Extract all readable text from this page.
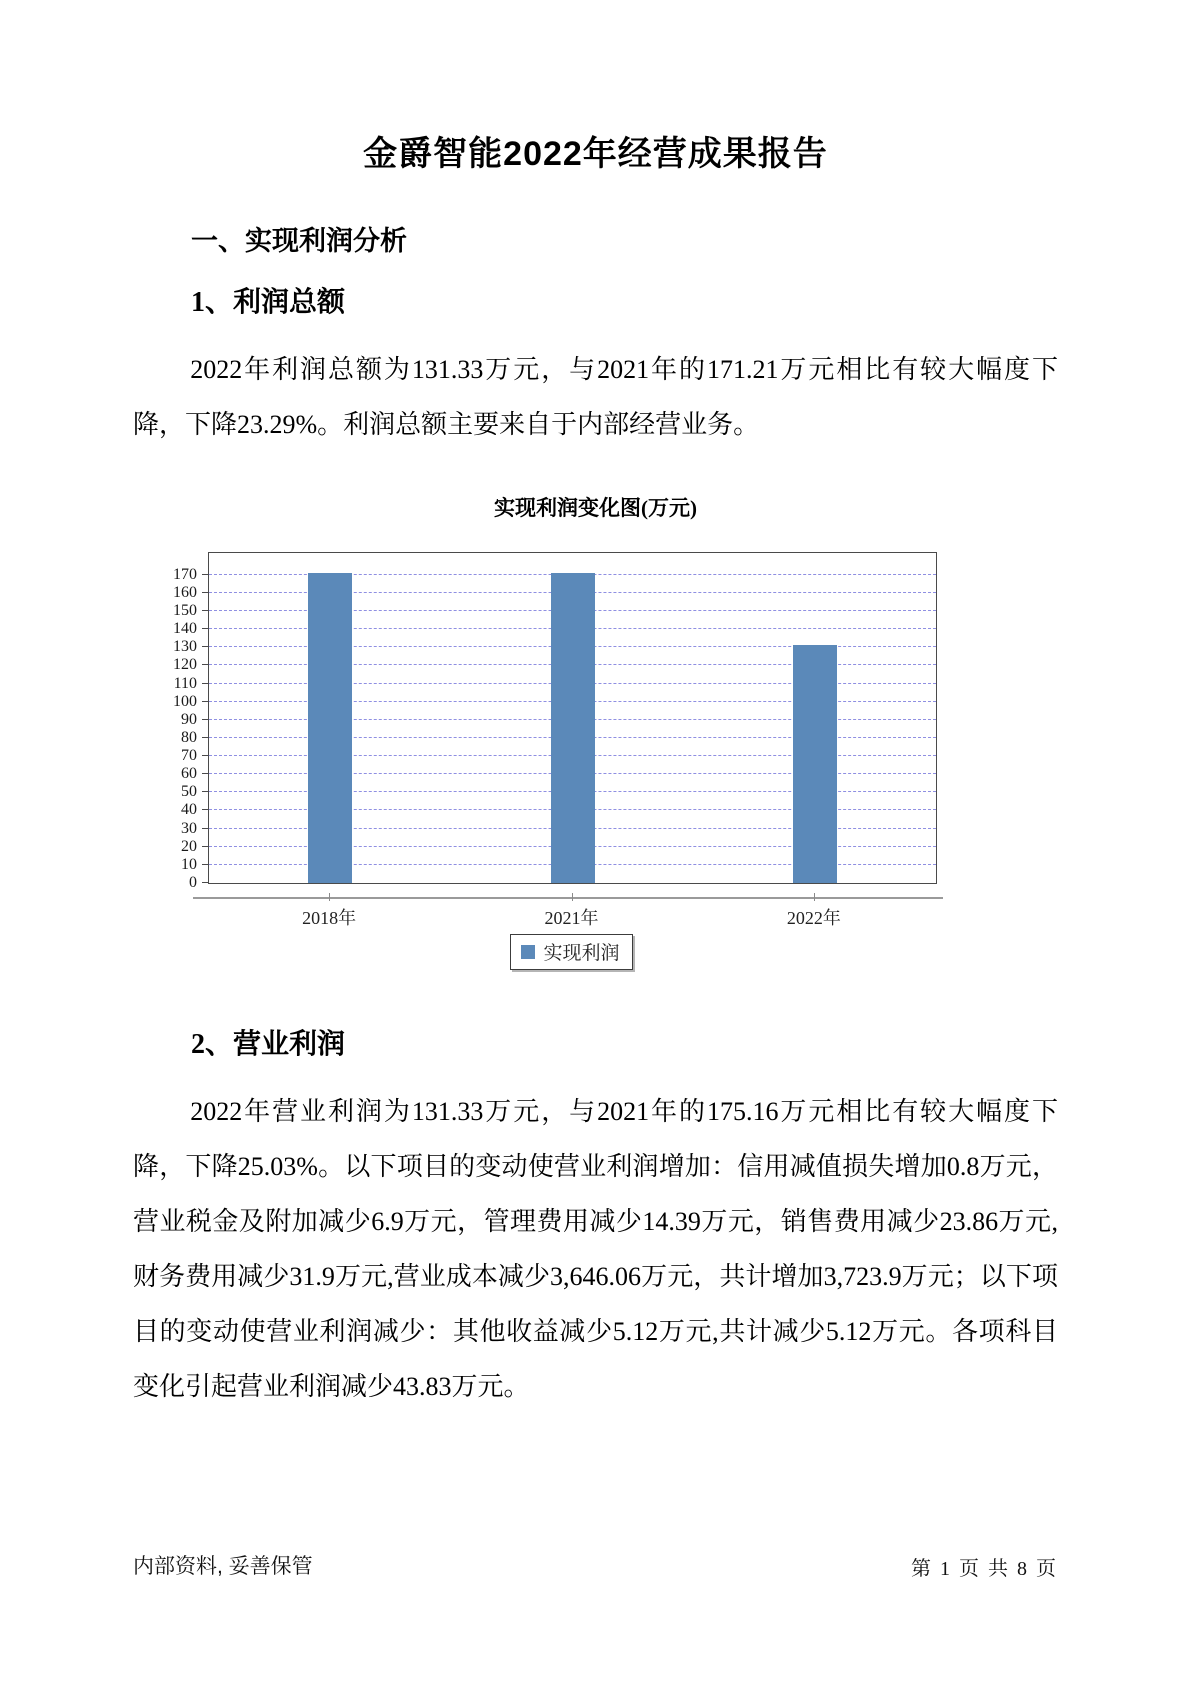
金爵智能2022年经营成果报告
一、实现利润分析
1、利润总额

2022年利润总额为131.33万元，与2021年的171.21万元相比有较大幅度下降，下降23.29%。利润总额主要来自于内部经营业务。

实现利润变化图(万元)
0
10
20
30
40
50
60
70
80
90
100
110
120
130
140
150
160
170
2018年	2021年	2022年
实现利润
2、营业利润

2022年营业利润为131.33万元，与2021年的175.16万元相比有较大幅度下降，下降25.03%。以下项目的变动使营业利润增加：信用减值损失增加0.8万元，营业税金及附加减少6.9万元，管理费用减少14.39万元，销售费用减少23.86万元,财务费用减少31.9万元,营业成本减少3,646.06万元，共计增加3,723.9万元；以下项目的变动使营业利润减少：其他收益减少5.12万元,共计减少5.12万元。各项科目变化引起营业利润减少43.83万元。

内部资料, 妥善保管	第 1 页 共 8 页
